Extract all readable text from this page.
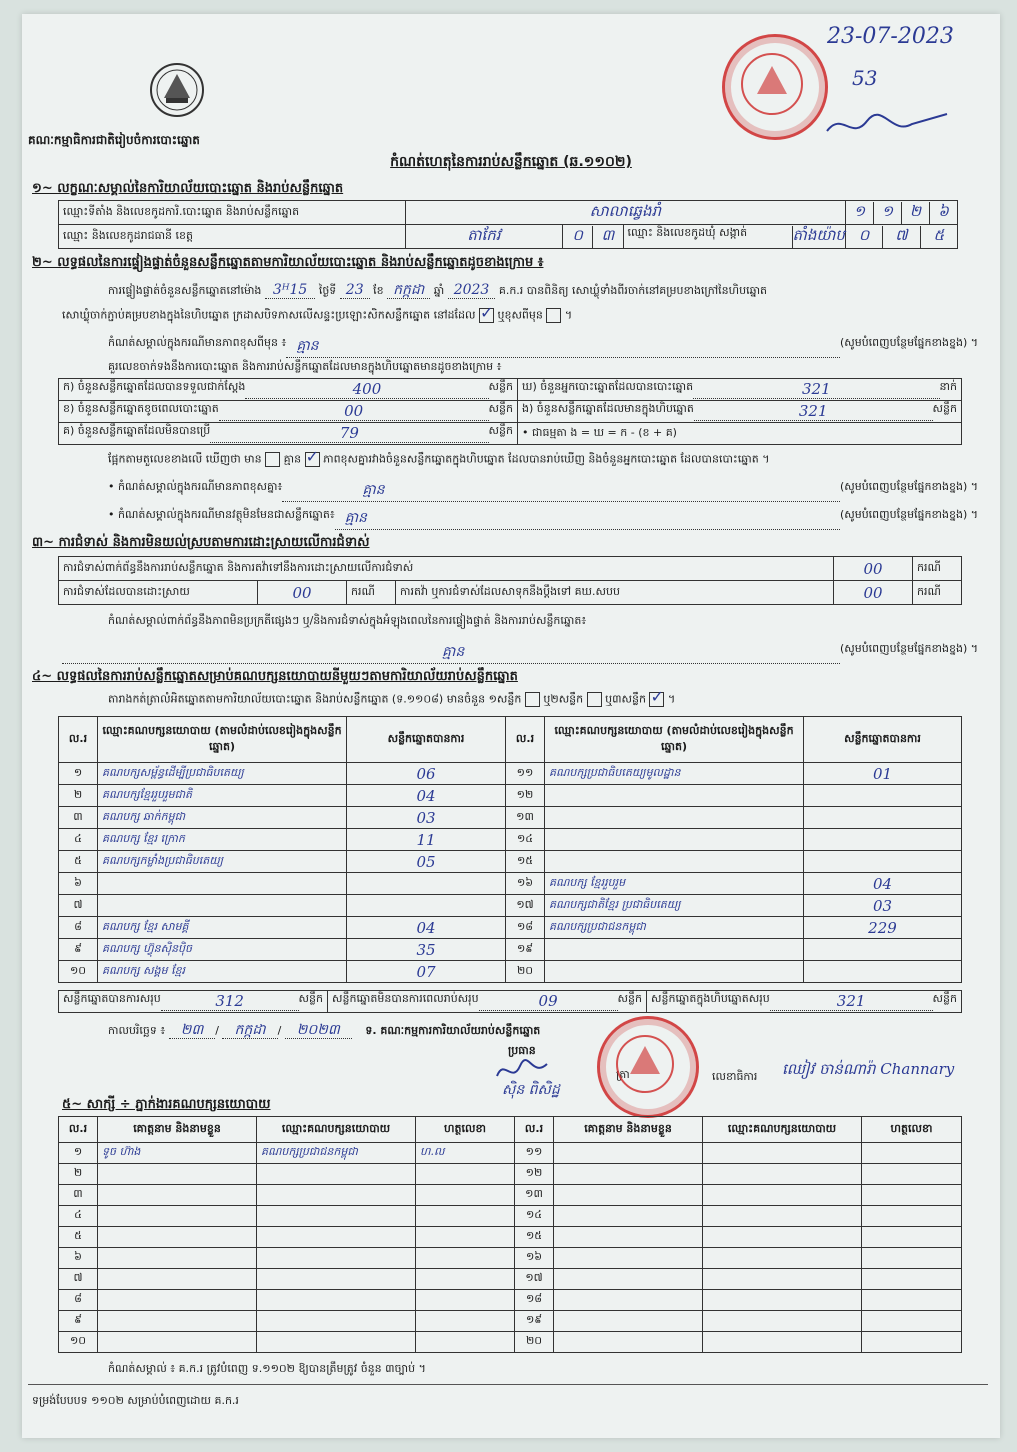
គណៈកម្មាធិការជាតិរៀបចំការបោះឆ្នោត
23-07-2023
53
កំណត់ហេតុនៃការរាប់សន្លឹកឆ្នោត (ឆ.១១០២)
១~ លក្ខណៈសម្គាល់នៃការិយាល័យបោះឆ្នោត និងរាប់សន្លឹកឆ្នោត
ឈ្មោះទីតាំង និងលេខកូដការិ.បោះឆ្នោត និងរាប់សន្លឹកឆ្នោត	សាលាឆ្វេងរាំ			១ ១ ២ ៦

ឈ្មោះ និងលេខកូដរាជធានី ខេត្ត	តាកែវ	០ ៣	ឈ្មោះ និងលេខកូដឃុំ សង្កាត់ តាំងយ៉ាប	០ ៧ ៥
២~ លទ្ធផលនៃការផ្ទៀងផ្ទាត់ចំនួនសន្លឹកឆ្នោតតាមការិយាល័យបោះឆ្នោត និងរាប់សន្លឹកឆ្នោតដូចខាងក្រោម ៖
ការផ្ទៀងផ្ទាត់ចំនួនសន្លឹកឆ្នោតនៅម៉ោង 3ᴴ15 ថ្ងៃទី 23 ខែ កក្កដា ឆ្នាំ 2023 គ.ក.រ បានពិនិត្យ សោឃ្លុំទាំងពីរចាក់នៅគម្របខាងក្រៅនៃហិបឆ្នោត
សោឃ្លុំចាក់ភ្ជាប់គម្របខាងក្នុងនៃហិបឆ្នោត ក្រដាសបិទភាសលើសន្ទះប្រឡោះសិកសន្លឹកឆ្នោត នៅដដែល ✓ ឬខុសពីមុន  ។
កំណត់សម្គាល់ក្នុងករណីមានភាពខុសពីមុន ៖ គ្មាន	(សូមបំពេញបន្ថែមផ្នែកខាងខ្នង) ។
គួរលេខចាក់ទងនឹងការបោះឆ្នោត និងការរាប់សន្លឹកឆ្នោតដែលមានក្នុងហិបឆ្នោតមានដូចខាងក្រោម ៖
ក) ចំនួនសន្លឹកឆ្នោតដែលបានទទួលជាក់ស្តែង 400 សន្លឹក	ឃ) ចំនួនអ្នកបោះឆ្នោតដែលបានបោះឆ្នោត 321 នាក់

ខ) ចំនួនសន្លឹកឆ្នោតខូចពេលបោះឆ្នោត 00 សន្លឹក	ង) ចំនួនសន្លឹកឆ្នោតដែលមានក្នុងហិបឆ្នោត 321 សន្លឹក

គ) ចំនួនសន្លឹកឆ្នោតដែលមិនបានប្រើ 79 សន្លឹក	• ជាធម្មតា ង = ឃ = ក - (ខ + គ)
ផ្អែកតាមតួលេខខាងលើ ឃើញថា មាន គ្មាន ✓ ភាពខុសគ្នារវាងចំនួនសន្លឹកឆ្នោតក្នុងហិបឆ្នោត ដែលបានរាប់ឃើញ និងចំនួនអ្នកបោះឆ្នោត ដែលបានបោះឆ្នោត ។
• កំណត់សម្គាល់ក្នុងករណីមានភាពខុសគ្នា៖	គ្មាន	(សូមបំពេញបន្ថែមផ្នែកខាងខ្នង) ។
• កំណត់សម្គាល់ក្នុងករណីមានវត្ថុមិនមែនជាសន្លឹកឆ្នោត៖ គ្មាន	(សូមបំពេញបន្ថែមផ្នែកខាងខ្នង) ។
៣~ ការជំទាស់ និងការមិនយល់ស្របតាមការដោះស្រាយលើការជំទាស់
ការជំទាស់ពាក់ព័ន្ធនឹងការរាប់សន្លឹកឆ្នោត និងការតវ៉ាទៅនឹងការដោះស្រាយលើការជំទាស់				00	ករណី
ការជំទាស់ដែលបានដោះស្រាយ	00	ករណី	ការតវ៉ា ឬការជំទាស់ដែលសាទុកនឹងប្តឹងទៅ គឃ.សបប	00	ករណី
កំណត់សម្គាល់ពាក់ព័ន្ធនឹងភាពមិនប្រក្រតីផ្សេងៗ ឬ/និងការជំទាស់ក្នុងអំឡុងពេលនៃការផ្ទៀងផ្ទាត់ និងការរាប់សន្លឹកឆ្នោត៖
គ្មាន	(សូមបំពេញបន្ថែមផ្នែកខាងខ្នង) ។
៤~ លទ្ធផលនៃការរាប់សន្លឹកឆ្នោតសម្រាប់គណបក្សនយោបាយនីមួយៗតាមការិយាល័យរាប់សន្លឹកឆ្នោត
តារាងកត់ត្រាលំអិតឆ្នោតតាមការិយាល័យបោះឆ្នោត និងរាប់សន្លឹកឆ្នោត (ទ.១១០៨) មានចំនួន ១សន្លឹក ឬ២សន្លឹក ឬ៣សន្លឹក ✓ ។
ល.រ	ឈ្មោះគណបក្សនយោបាយ (តាមលំដាប់លេខរៀងក្នុងសន្លឹកឆ្នោត)	សន្លឹកឆ្នោតបានការ	ល.រ	ឈ្មោះគណបក្សនយោបាយ (តាមលំដាប់លេខរៀងក្នុងសន្លឹកឆ្នោត)	សន្លឹកឆ្នោតបានការ
១	គណបក្សសម្ព័ន្ធដើម្បីប្រជាធិបតេយ្យ	06	១១	គណបក្សប្រជាធិបតេយ្យមូលដ្ឋាន	01
២	គណបក្សខ្មែររួបរួមជាតិ	04	១២		
៣	គណបក្ស ឆាក់កម្ពុជា	03	១៣		
៤	គណបក្ស ខ្មែរ ក្រោក	11	១៤		
៥	គណបក្សកម្លាំងប្រជាធិបតេយ្យ	05	១៥		
៦			១៦	គណបក្ស ខ្មែររួបរួម	04
៧			១៧	គណបក្សជាតិខ្មែរ ប្រជាធិបតេយ្យ	03
៨	គណបក្ស ខ្មែរ សាមគ្គី	04	១៨	គណបក្សប្រជាជនកម្ពុជា	229
៩	គណបក្ស ហ៊្វុនស៊ិនប៉ិច	35	១៩		
១០	គណបក្ស សង្គម ខ្មែរ	07	២០		
សន្លឹកឆ្នោតបានការសរុប	312	សន្លឹក	សន្លឹកឆ្នោតមិនបានការពេលរាប់សរុប	09	សន្លឹក	សន្លឹកឆ្នោតក្នុងហិបឆ្នោតសរុប	321	សន្លឹក
កាលបរិច្ឆេទ ៖ ២៣ / កក្កដា / ២០២៣ ទ. គណៈកម្មការការិយាល័យរាប់សន្លឹកឆ្នោត
ប្រធាន
ស៊ិន ពិសិដ្ឋ
ត្រា	លេខាធិការ ឈៀវ ចាន់ណារ៉ា Channary
៥~ សាក្សី ÷ ភ្នាក់ងារគណបក្សនយោបាយ
ល.រ	គោត្តនាម និងនាមខ្លួន	ឈ្មោះគណបក្សនយោបាយ	ហត្ថលេខា	ល.រ	គោត្តនាម និងនាមខ្លួន	ឈ្មោះគណបក្សនយោបាយ	ហត្ថលេខា
១	ទូច ហ៊ាង	គណបក្សប្រជាជនកម្ពុជា	ហ.ល	១១			
២				១២			
៣				១៣			
៤				១៤			
៥				១៥			
៦				១៦			
៧				១៧			
៨				១៨			
៩				១៩			
១០				២០			
កំណត់សម្គាល់ ៖ គ.ក.រ ត្រូវបំពេញ ទ.១១០២ ឱ្យបានត្រឹមត្រូវ ចំនួន ៣ច្បាប់ ។
ទម្រង់បែបបទ ១១០២ សម្រាប់បំពេញដោយ គ.ក.រ
